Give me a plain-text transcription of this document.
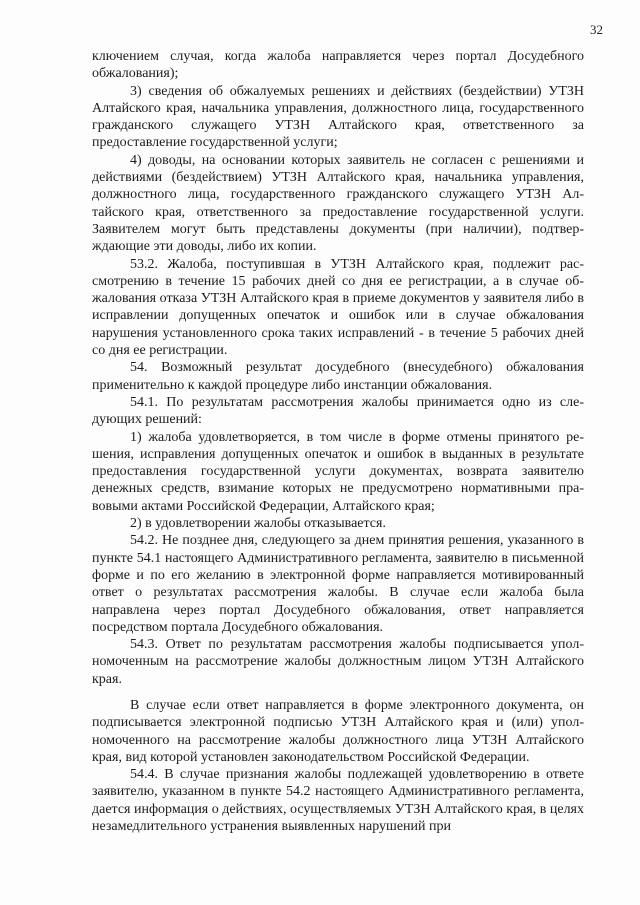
32

ключением случая, когда жалоба направляется через портал Досудебного обжалования);

3) сведения об обжалуемых решениях и действиях (бездействии) УТЗН Алтайского края, начальника управления, должностного лица, государственного гражданского служащего УТЗН Алтайского края, ответственного за предоставление государственной услуги;

4) доводы, на основании которых заявитель не согласен с решениями и действиями (бездействием) УТЗН Алтайского края, начальника управления, должностного лица, государственного гражданского служащего УТЗН Алтайского края, ответственного за предоставление государственной услуги. Заявителем могут быть представлены документы (при наличии), подтверждающие эти доводы, либо их копии.

53.2. Жалоба, поступившая в УТЗН Алтайского края, подлежит рассмотрению в течение 15 рабочих дней со дня ее регистрации, а в случае обжалования отказа УТЗН Алтайского края в приеме документов у заявителя либо в исправлении допущенных опечаток и ошибок или в случае обжалования нарушения установленного срока таких исправлений - в течение 5 рабочих дней со дня ее регистрации.

54. Возможный результат досудебного (внесудебного) обжалования применительно к каждой процедуре либо инстанции обжалования.

54.1. По результатам рассмотрения жалобы принимается одно из следующих решений:

1) жалоба удовлетворяется, в том числе в форме отмены принятого решения, исправления допущенных опечаток и ошибок в выданных в результате предоставления государственной услуги документах, возврата заявителю денежных средств, взимание которых не предусмотрено нормативными правовыми актами Российской Федерации, Алтайского края;

2) в удовлетворении жалобы отказывается.

54.2. Не позднее дня, следующего за днем принятия решения, указанного в пункте 54.1 настоящего Административного регламента, заявителю в письменной форме и по его желанию в электронной форме направляется мотивированный ответ о результатах рассмотрения жалобы. В случае если жалоба была направлена через портал Досудебного обжалования, ответ направляется посредством портала Досудебного обжалования.

54.3. Ответ по результатам рассмотрения жалобы подписывается уполномоченным на рассмотрение жалобы должностным лицом УТЗН Алтайского края.

В случае если ответ направляется в форме электронного документа, он подписывается электронной подписью УТЗН Алтайского края и (или) уполномоченного на рассмотрение жалобы должностного лица УТЗН Алтайского края, вид которой установлен законодательством Российской Федерации.

54.4. В случае признания жалобы подлежащей удовлетворению в ответе заявителю, указанном в пункте 54.2 настоящего Административного регламента, дается информация о действиях, осуществляемых УТЗН Алтайского края, в целях незамедлительного устранения выявленных нарушений при
